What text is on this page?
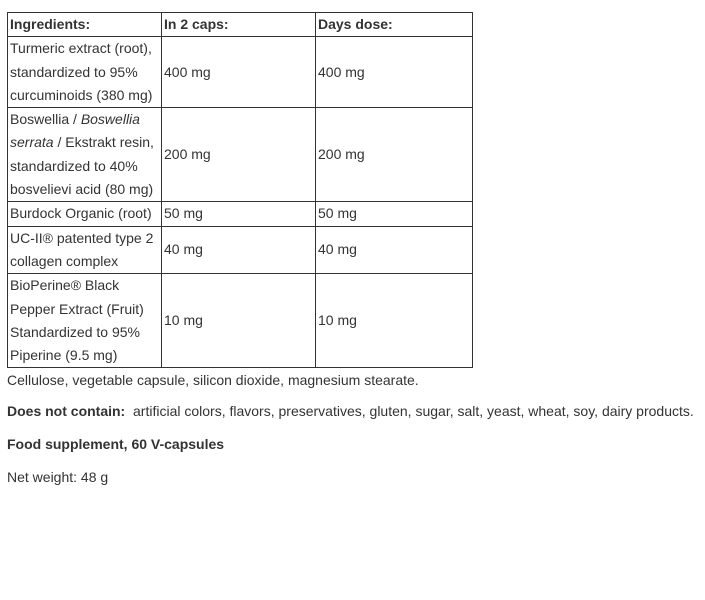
Ingredients:	In 2 caps:	Days dose:
Turmeric extract (root), standardized to 95% curcuminoids (380 mg)	400 mg	400 mg
Boswellia / Boswellia serrata / Ekstrakt resin, standardized to 40% bosvelievi acid (80 mg)	200 mg	200 mg
Burdock Organic (root)	50 mg	50 mg
UC-II® patented type 2 collagen complex	40 mg	40 mg
BioPerine® Black Pepper Extract (Fruit) Standardized to 95% Piperine (9.5 mg)	10 mg	10 mg

Cellulose, vegetable capsule, silicon dioxide, magnesium stearate.

Does not contain:  artificial colors, flavors, preservatives, gluten, sugar, salt, yeast, wheat, soy, dairy products.

Food supplement, 60 V-capsules

Net weight: 48 g
